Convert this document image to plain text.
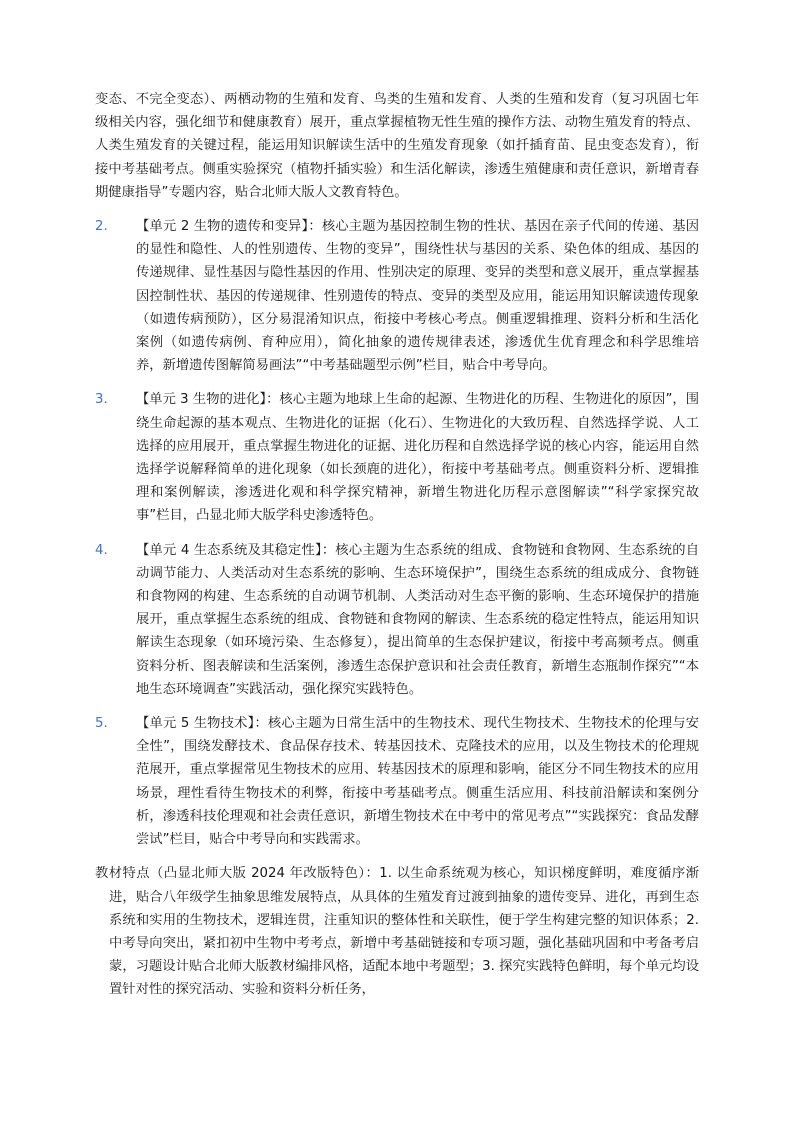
变态、不完全变态）、两栖动物的生殖和发育、鸟类的生殖和发育、人类的生殖和发育（复习巩固七年级相关内容，强化细节和健康教育）展开，重点掌握植物无性生殖的操作方法、动物生殖发育的特点、人类生殖发育的关键过程，能运用知识解读生活中的生殖发育现象（如扦插育苗、昆虫变态发育），衔接中考基础考点。侧重实验探究（植物扦插实验）和生活化解读，渗透生殖健康和责任意识，新增青春期健康指导”专题内容，贴合北师大版人文教育特色。

2.	【单元 2 生物的遗传和变异】：核心主题为基因控制生物的性状、基因在亲子代间的传递、基因的显性和隐性、人的性别遗传、生物的变异”，围绕性状与基因的关系、染色体的组成、基因的传递规律、显性基因与隐性基因的作用、性别决定的原理、变异的类型和意义展开，重点掌握基因控制性状、基因的传递规律、性别遗传的特点、变异的类型及应用，能运用知识解读遗传现象（如遗传病预防），区分易混淆知识点，衔接中考核心考点。侧重逻辑推理、资料分析和生活化案例（如遗传病例、育种应用），简化抽象的遗传规律表述，渗透优生优育理念和科学思维培养，新增遗传图解简易画法”“中考基础题型示例”栏目，贴合中考导向。

3.	【单元 3 生物的进化】：核心主题为地球上生命的起源、生物进化的历程、生物进化的原因”，围绕生命起源的基本观点、生物进化的证据（化石）、生物进化的大致历程、自然选择学说、人工选择的应用展开，重点掌握生物进化的证据、进化历程和自然选择学说的核心内容，能运用自然选择学说解释简单的进化现象（如长颈鹿的进化），衔接中考基础考点。侧重资料分析、逻辑推理和案例解读，渗透进化观和科学探究精神，新增生物进化历程示意图解读”“科学家探究故事”栏目，凸显北师大版学科史渗透特色。

4.	【单元 4 生态系统及其稳定性】：核心主题为生态系统的组成、食物链和食物网、生态系统的自动调节能力、人类活动对生态系统的影响、生态环境保护”，围绕生态系统的组成成分、食物链和食物网的构建、生态系统的自动调节机制、人类活动对生态平衡的影响、生态环境保护的措施展开，重点掌握生态系统的组成、食物链和食物网的解读、生态系统的稳定性特点，能运用知识解读生态现象（如环境污染、生态修复），提出简单的生态保护建议，衔接中考高频考点。侧重资料分析、图表解读和生活案例，渗透生态保护意识和社会责任教育，新增生态瓶制作探究”“本地生态环境调查”实践活动，强化探究实践特色。

5.	【单元 5 生物技术】：核心主题为日常生活中的生物技术、现代生物技术、生物技术的伦理与安全性”，围绕发酵技术、食品保存技术、转基因技术、克隆技术的应用，以及生物技术的伦理规范展开，重点掌握常见生物技术的应用、转基因技术的原理和影响，能区分不同生物技术的应用场景，理性看待生物技术的利弊，衔接中考基础考点。侧重生活应用、科技前沿解读和案例分析，渗透科技伦理观和社会责任意识，新增生物技术在中考中的常见考点”“实践探究：食品发酵尝试”栏目，贴合中考导向和实践需求。

教材特点（凸显北师大版 2024 年改版特色）：1. 以生命系统观为核心，知识梯度鲜明，难度循序渐进，贴合八年级学生抽象思维发展特点，从具体的生殖发育过渡到抽象的遗传变异、进化，再到生态系统和实用的生物技术，逻辑连贯，注重知识的整体性和关联性，便于学生构建完整的知识体系；2. 中考导向突出，紧扣初中生物中考考点，新增中考基础链接和专项习题，强化基础巩固和中考备考启蒙，习题设计贴合北师大版教材编排风格，适配本地中考题型；3. 探究实践特色鲜明，每个单元均设置针对性的探究活动、实验和资料分析任务，
